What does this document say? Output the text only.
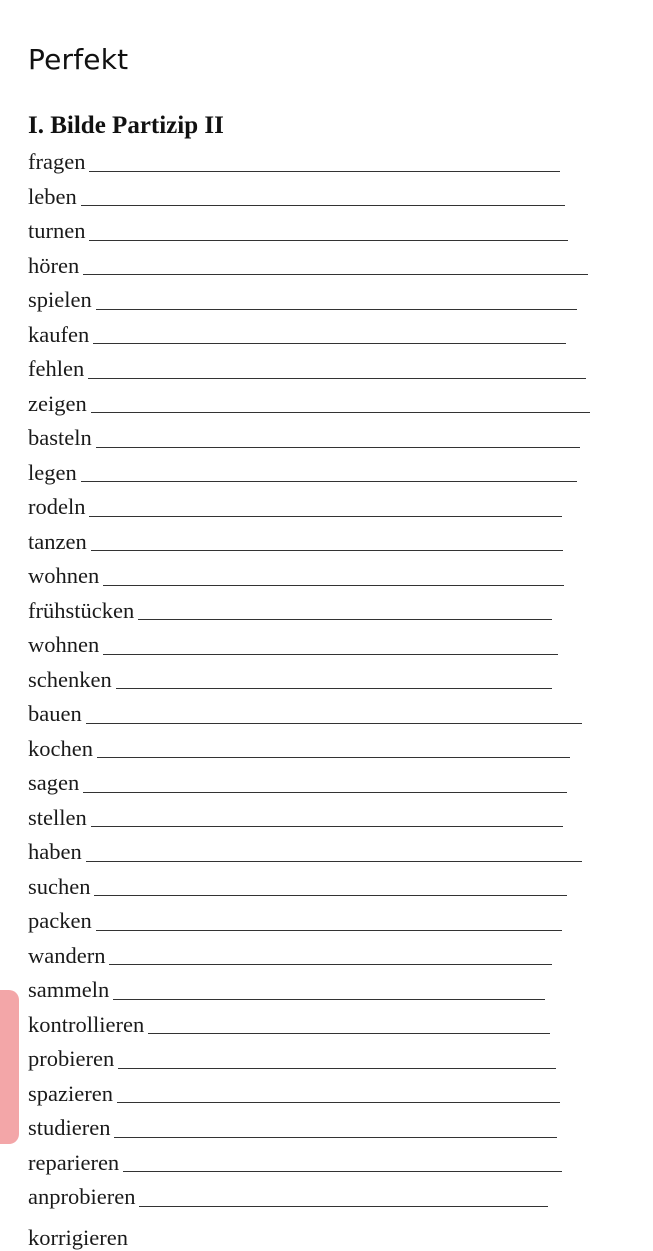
Perfekt
I. Bilde Partizip II
fragen
leben
turnen
hören
spielen
kaufen
fehlen
zeigen
basteln
legen
rodeln
tanzen
wohnen
frühstücken
wohnen
schenken
bauen
kochen
sagen
stellen
haben
suchen
packen
wandern
sammeln
kontrollieren
probieren
spazieren
studieren
reparieren
anprobieren
korrigieren
